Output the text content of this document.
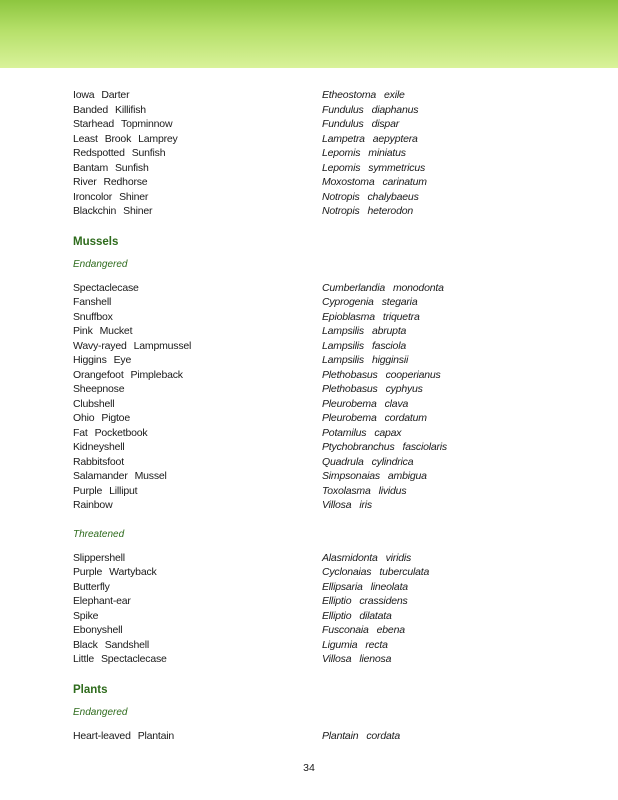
Iowa Darter	Etheostoma exile
Banded Killifish	Fundulus diaphanus
Starhead Topminnow	Fundulus dispar
Least Brook Lamprey	Lampetra aepyptera
Redspotted Sunfish	Lepomis miniatus
Bantam Sunfish	Lepomis symmetricus
River Redhorse	Moxostoma carinatum
Ironcolor Shiner	Notropis chalybaeus
Blackchin Shiner	Notropis heterodon
Mussels
Endangered
Spectaclecase	Cumberlandia monodonta
Fanshell	Cyprogenia stegaria
Snuffbox	Epioblasma triquetra
Pink Mucket	Lampsilis abrupta
Wavy-rayed Lampmussel	Lampsilis fasciola
Higgins Eye	Lampsilis higginsii
Orangefoot Pimpleback	Plethobasus cooperianus
Sheepnose	Plethobasus cyphyus
Clubshell	Pleurobema clava
Ohio Pigtoe	Pleurobema cordatum
Fat Pocketbook	Potamilus capax
Kidneyshell	Ptychobranchus fasciolaris
Rabbitsfoot	Quadrula cylindrica
Salamander Mussel	Simpsonaias ambigua
Purple Lilliput	Toxolasma lividus
Rainbow	Villosa iris
Threatened
Slippershell	Alasmidonta viridis
Purple Wartyback	Cyclonaias tuberculata
Butterfly	Ellipsaria lineolata
Elephant-ear	Elliptio crassidens
Spike	Elliptio dilatata
Ebonyshell	Fusconaia ebena
Black Sandshell	Ligumia recta
Little Spectaclecase	Villosa lienosa
Plants
Endangered
Heart-leaved Plantain	Plantain cordata
34
